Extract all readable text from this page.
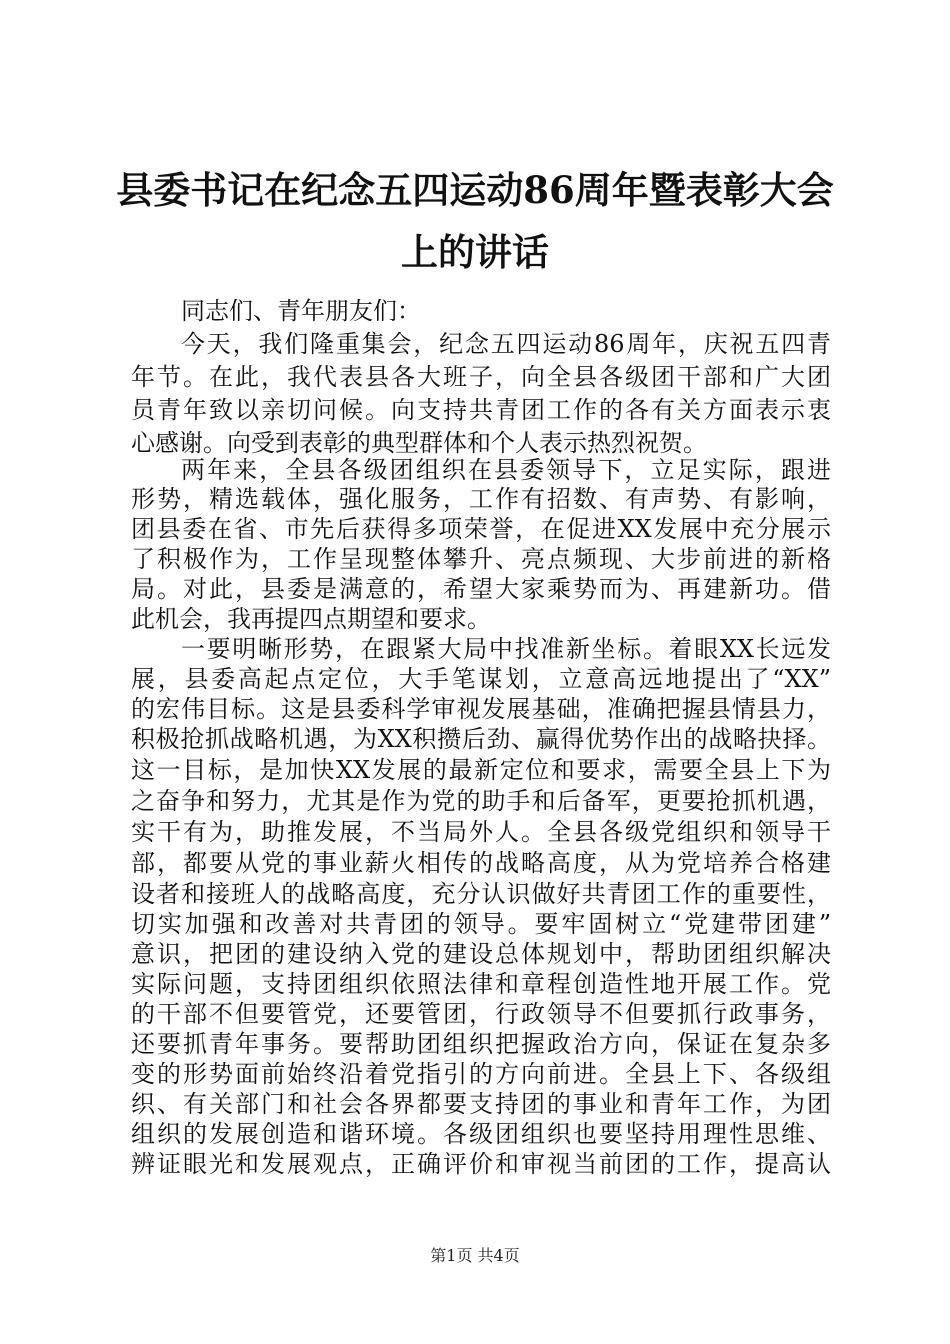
县委书记在纪念五四运动86周年暨表彰大会
上的讲话
同志们、青年朋友们：
今天，我们隆重集会，纪念五四运动86周年，庆祝五四青
年节。在此，我代表县各大班子，向全县各级团干部和广大团
员青年致以亲切问候。向支持共青团工作的各有关方面表示衷
心感谢。向受到表彰的典型群体和个人表示热烈祝贺。
两年来，全县各级团组织在县委领导下，立足实际，跟进
形势，精选载体，强化服务，工作有招数、有声势、有影响，
团县委在省、市先后获得多项荣誉，在促进XX发展中充分展示
了积极作为，工作呈现整体攀升、亮点频现、大步前进的新格
局。对此，县委是满意的，希望大家乘势而为、再建新功。借
此机会，我再提四点期望和要求。
一要明晰形势，在跟紧大局中找准新坐标。着眼XX长远发
展，县委高起点定位，大手笔谋划，立意高远地提出了“XX”
的宏伟目标。这是县委科学审视发展基础，准确把握县情县力，
积极抢抓战略机遇，为XX积攒后劲、赢得优势作出的战略抉择。
这一目标，是加快XX发展的最新定位和要求，需要全县上下为
之奋争和努力，尤其是作为党的助手和后备军，更要抢抓机遇，
实干有为，助推发展，不当局外人。全县各级党组织和领导干
部，都要从党的事业薪火相传的战略高度，从为党培养合格建
设者和接班人的战略高度，充分认识做好共青团工作的重要性，
切实加强和改善对共青团的领导。要牢固树立“党建带团建”
意识，把团的建设纳入党的建设总体规划中，帮助团组织解决
实际问题，支持团组织依照法律和章程创造性地开展工作。党
的干部不但要管党，还要管团，行政领导不但要抓行政事务，
还要抓青年事务。要帮助团组织把握政治方向，保证在复杂多
变的形势面前始终沿着党指引的方向前进。全县上下、各级组
织、有关部门和社会各界都要支持团的事业和青年工作，为团
组织的发展创造和谐环境。各级团组织也要坚持用理性思维、
辨证眼光和发展观点，正确评价和审视当前团的工作，提高认
第1页 共4页
